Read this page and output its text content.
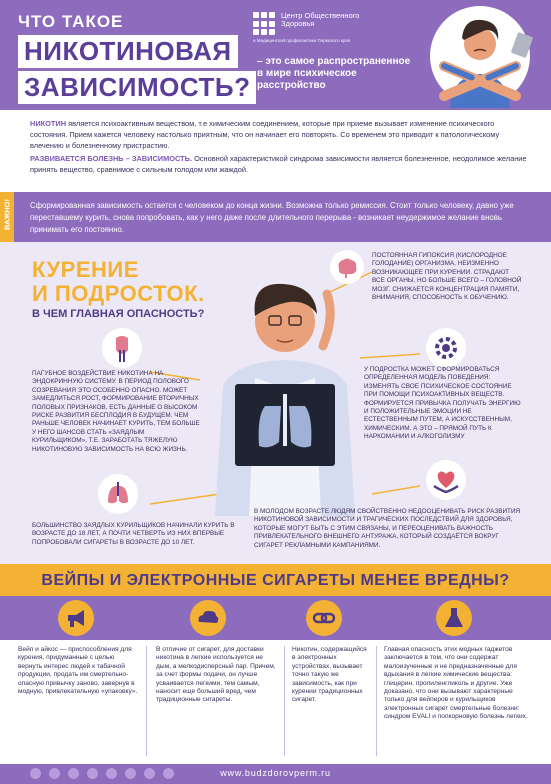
ЧТО ТАКОЕ
НИКОТИНОВАЯ ЗАВИСИМОСТЬ?
Центр Общественного Здоровья
и Медицинской профилактики Пермского края
– это самое распространенное в мире психическое расстройство

НИКОТИН является психоактивным веществом, т.е химическим соединением, которые при приеме вызывает изменение психического состояния. Прием кажется человеку настолько приятным, что он начинает его повторять. Со временем это приводит к патологическому влечению и болезненному пристрастию.

РАЗВИВАЕТСЯ БОЛЕЗНЬ – ЗАВИСИМОСТЬ. Основной характеристикой синдрома зависимости является болезненное, неодолимое желание принять вещество, сравнимое с сильным голодом или жаждой.

ВАЖНО! Сформированная зависимость остается с человеком до конца жизни. Возможна только ремиссия. Стоит только человеку, давно уже переставшему курить, снова попробовать, как у него даже после длительного перерыва - возникает неудержимое желание вновь принимать его постоянно.
КУРЕНИЕ
И ПОДРОСТОК.
В ЧЕМ ГЛАВНАЯ ОПАСНОСТЬ?
ПОСТОЯННАЯ ГИПОКСИЯ (КИСЛОРОДНОЕ ГОЛОДАНИЕ) ОРГАНИЗМА, НЕИЗМЕННО ВОЗНИКАЮЩЕЕ ПРИ КУРЕНИИ. СТРАДАЮТ ВСЕ ОРГАНЫ, НО БОЛЬШЕ ВСЕГО – ГОЛОВНОЙ МОЗГ. СНИЖАЕТСЯ КОНЦЕНТРАЦИЯ ПАМЯТИ, ВНИМАНИЯ, СПОСОБНОСТЬ К ОБУЧЕНИЮ.
ПАГУБНОЕ ВОЗДЕЙСТВИЕ НИКОТИНА НА ЭНДОКРИННУЮ СИСТЕМУ. В ПЕРИОД ПОЛОВОГО СОЗРЕВАНИЯ ЭТО ОСОБЕННО ОПАСНО. МОЖЕТ ЗАМЕДЛИТЬСЯ РОСТ, ФОРМИРОВАНИЕ ВТОРИЧНЫХ ПОЛОВЫХ ПРИЗНАКОВ, ЕСТЬ ДАННЫЕ О ВЫСОКОМ РИСКЕ РАЗВИТИЯ БЕСПЛОДИЯ В БУДУЩЕМ. ЧЕМ РАНЬШЕ ЧЕЛОВЕК НАЧИНАЕТ КУРИТЬ, ТЕМ БОЛЬШЕ У НЕГО ШАНСОВ СТАТЬ «ЗАЯДЛЫМ КУРИЛЬЩИКОМ», Т.Е. ЗАРАБОТАТЬ ТЯЖЕЛУЮ НИКОТИНОВУЮ ЗАВИСИМОСТЬ НА ВСЮ ЖИЗНЬ.
У ПОДРОСТКА МОЖЕТ СФОРМИРОВАТЬСЯ ОПРЕДЕЛЕННАЯ МОДЕЛЬ ПОВЕДЕНИЯ: ИЗМЕНЯТЬ СВОЕ ПСИХИЧЕСКОЕ СОСТОЯНИЕ ПРИ ПОМОЩИ ПСИХОАКТИВНЫХ ВЕЩЕСТВ. ФОРМИРУЕТСЯ ПРИВЫЧКА ПОЛУЧАТЬ ЭНЕРГИЮ И ПОЛОЖИТЕЛЬНЫЕ ЭМОЦИИ НЕ ЕСТЕСТВЕННЫМ ПУТЕМ, А ИСКУССТВЕННЫМ, ХИМИЧЕСКИМ. А ЭТО – ПРЯМОЙ ПУТЬ К НАРКОМАНИИ И АЛКОГОЛИЗМУ
БОЛЬШИНСТВО ЗАЯДЛЫХ КУРИЛЬЩИКОВ НАЧИНАЛИ КУРИТЬ В ВОЗРАСТЕ ДО 18 ЛЕТ, А ПОЧТИ ЧЕТВЕРТЬ ИЗ НИХ ВПЕРВЫЕ ПОПРОБОВАЛИ СИГАРЕТЫ В ВОЗРАСТЕ ДО 10 ЛЕТ.
В МОЛОДОМ ВОЗРАСТЕ ЛЮДЯМ СВОЙСТВЕННО НЕДООЦЕНИВАТЬ РИСК РАЗВИТИЯ НИКОТИНОВОЙ ЗАВИСИМОСТИ И ТРАГИЧЕСКИХ ПОСЛЕДСТВИЙ ДЛЯ ЗДОРОВЬЯ, КОТОРЫЕ МОГУТ БЫТЬ С ЭТИМ СВЯЗАНЫ, И ПЕРЕОЦЕНИВАТЬ ВАЖНОСТЬ ПРИВЛЕКАТЕЛЬНОГО ВНЕШНЕГО АНТУРАЖА, КОТОРЫЙ СОЗДАЁТСЯ ВОКРУГ СИГАРЕТ РЕКЛАМНЫМИ КАМПАНИЯМИ.
ВЕЙПЫ И ЭЛЕКТРОННЫЕ СИГАРЕТЫ МЕНЕЕ ВРЕДНЫ?
Вейп и айкос — приспособления для курения, придуманные с целью вернуть интерес людей к табачной продукции, продать им смертельно-опасную привычку заново, завернув в модную, привлекательную «упаковку».
В отличие от сигарет, для доставки никотина в легкие используется не дым, а мелкодисперсный пар. Причем, за счет формы подачи, он лучше усваивается легкими, тем самым, наносит еще больший вред, чем традиционные сигареты.
Никотин, содержащийся в электронных устройствах, вызывает точно такую же зависимость, как при курении традиционных сигарет.
Главная опасность этих модных гаджетов заключается в том, что они содержат малоизученные и не предназначенные для вдыхания в легкие химические вещества: глицерин, пропиленгликоль и другие. Уже доказано, что они вызывают характерные только для вейперов и курильщиков электронных сигарет смертельные болезни: синдром EVALI и попкорновую болезнь легких.
www.budzdorovperm.ru
